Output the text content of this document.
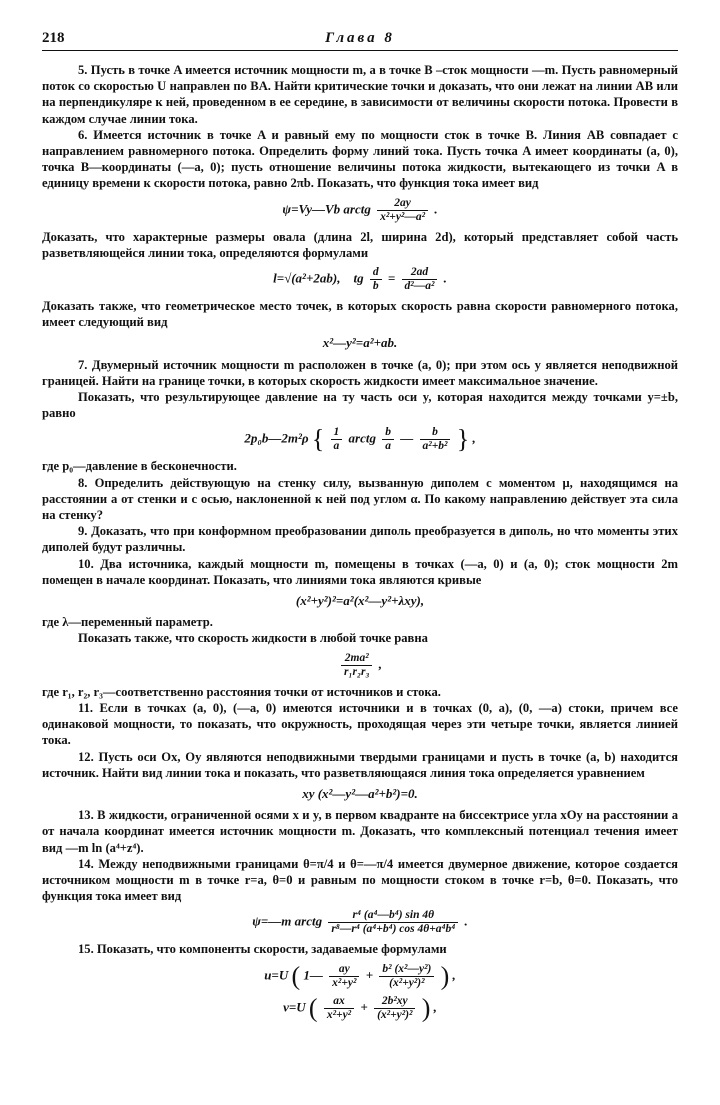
218	Глава 8

5. Пусть в точке A имеется источник мощности m, а в точке B –сток мощности —m. Пусть равномерный поток со скоростью U направлен по BA. Найти критические точки и доказать, что они лежат на линии AB или на перпендикуляре к ней, проведенном в ее середине, в зависимости от величины скорости потока. Провести в каждом случае линии тока.

6. Имеется источник в точке A и равный ему по мощности сток в точке B. Линия AB совпадает с направлением равномерного потока. Определить форму линий тока. Пусть точка A имеет координаты (a, 0), точка B—координаты (—a, 0); пусть отношение величины потока жидкости, вытекающего из точки A в единицу времени к скорости потока, равно 2πb. Показать, что функция тока имеет вид

ψ=Vy—Vb arctg $\frac{2ay}{\text{x²+y²—a²}}$ .

Доказать, что характерные размеры овала (длина 2l, ширина 2d), который представляет собой часть разветвляющейся линии тока, определяются формулами

l=√(a²+2ab), tg $\frac{d}{b} = \frac{2ad}{\text{d²—a²}}$ .

Доказать также, что геометрическое место точек, в которых скорость равна скорости равномерного потока, имеет следующий вид

x²—y²=a²+ab.

7. Двумерный источник мощности m расположен в точке (a, 0); при этом ось y является неподвижной границей. Найти на границе точки, в которых скорость жидкости имеет максимальное значение.

Показать, что результирующее давление на ту часть оси y, которая находится между точками y=±b, равно

2p₀b—2m²ρ { $\frac{1}{a}$ arctg $\frac{b}{a}$ — $\frac{b}{\text{a²+b²}}$ } ,

где p₀—давление в бесконечности.

8. Определить действующую на стенку силу, вызванную диполем с моментом μ, находящимся на расстоянии a от стенки и с осью, наклоненной к ней под углом α. По какому направлению действует эта сила на стенку?

9. Доказать, что при конформном преобразовании диполь преобразуется в диполь, но что моменты этих диполей будут различны.

10. Два источника, каждый мощности m, помещены в точках (—a, 0) и (a, 0); сток мощности 2m помещен в начале координат. Показать, что линиями тока являются кривые

(x²+y²)²=a²(x²—y²+λxy),

где λ—переменный параметр.

Показать также, что скорость жидкости в любой точке равна

$\frac{\text{2ma²}}{\text{r₁r₂r₃}}$ ,

где r₁, r₂, r₃—соответственно расстояния точки от источников и стока.

11. Если в точках (a, 0), (—a, 0) имеются источники и в точках (0, a), (0, —a) стоки, причем все одинаковой мощности, то показать, что окружность, проходящая через эти четыре точки, является линией тока.

12. Пусть оси Ox, Oy являются неподвижными твердыми границами и пусть в точке (a, b) находится источник. Найти вид линии тока и показать, что разветвляющаяся линия тока определяется уравнением

xy (x²—y²—a²+b²)=0.

13. В жидкости, ограниченной осями x и y, в первом квадранте на биссектрисе угла xOy на расстоянии a от начала координат имеется источник мощности m. Доказать, что комплексный потенциал течения имеет вид —m ln (a⁴+z⁴).

14. Между неподвижными границами θ=π/4 и θ=—π/4 имеется двумерное движение, которое создается источником мощности m в точке r=a, θ=0 и равным по мощности стоком в точке r=b, θ=0. Показать, что функция тока имеет вид

ψ=—m arctg $\frac{\text{r⁴ (a⁴—b⁴) sin 4θ}}{\text{r⁸—r⁴ (a⁴+b⁴) cos 4θ+a⁴b⁴}}$ .

15. Показать, что компоненты скорости, задаваемые формулами

u=U ( 1— $\frac{ay}{\text{x²+y²}} + \frac{\text{b² (x²—y²)}}{\text{(x²+y²)²}}$ ) ,
v=U ( $\frac{ax}{\text{x²+y²}} + \frac{\text{2b²xy}}{\text{(x²+y²)²}}$ ) ,
